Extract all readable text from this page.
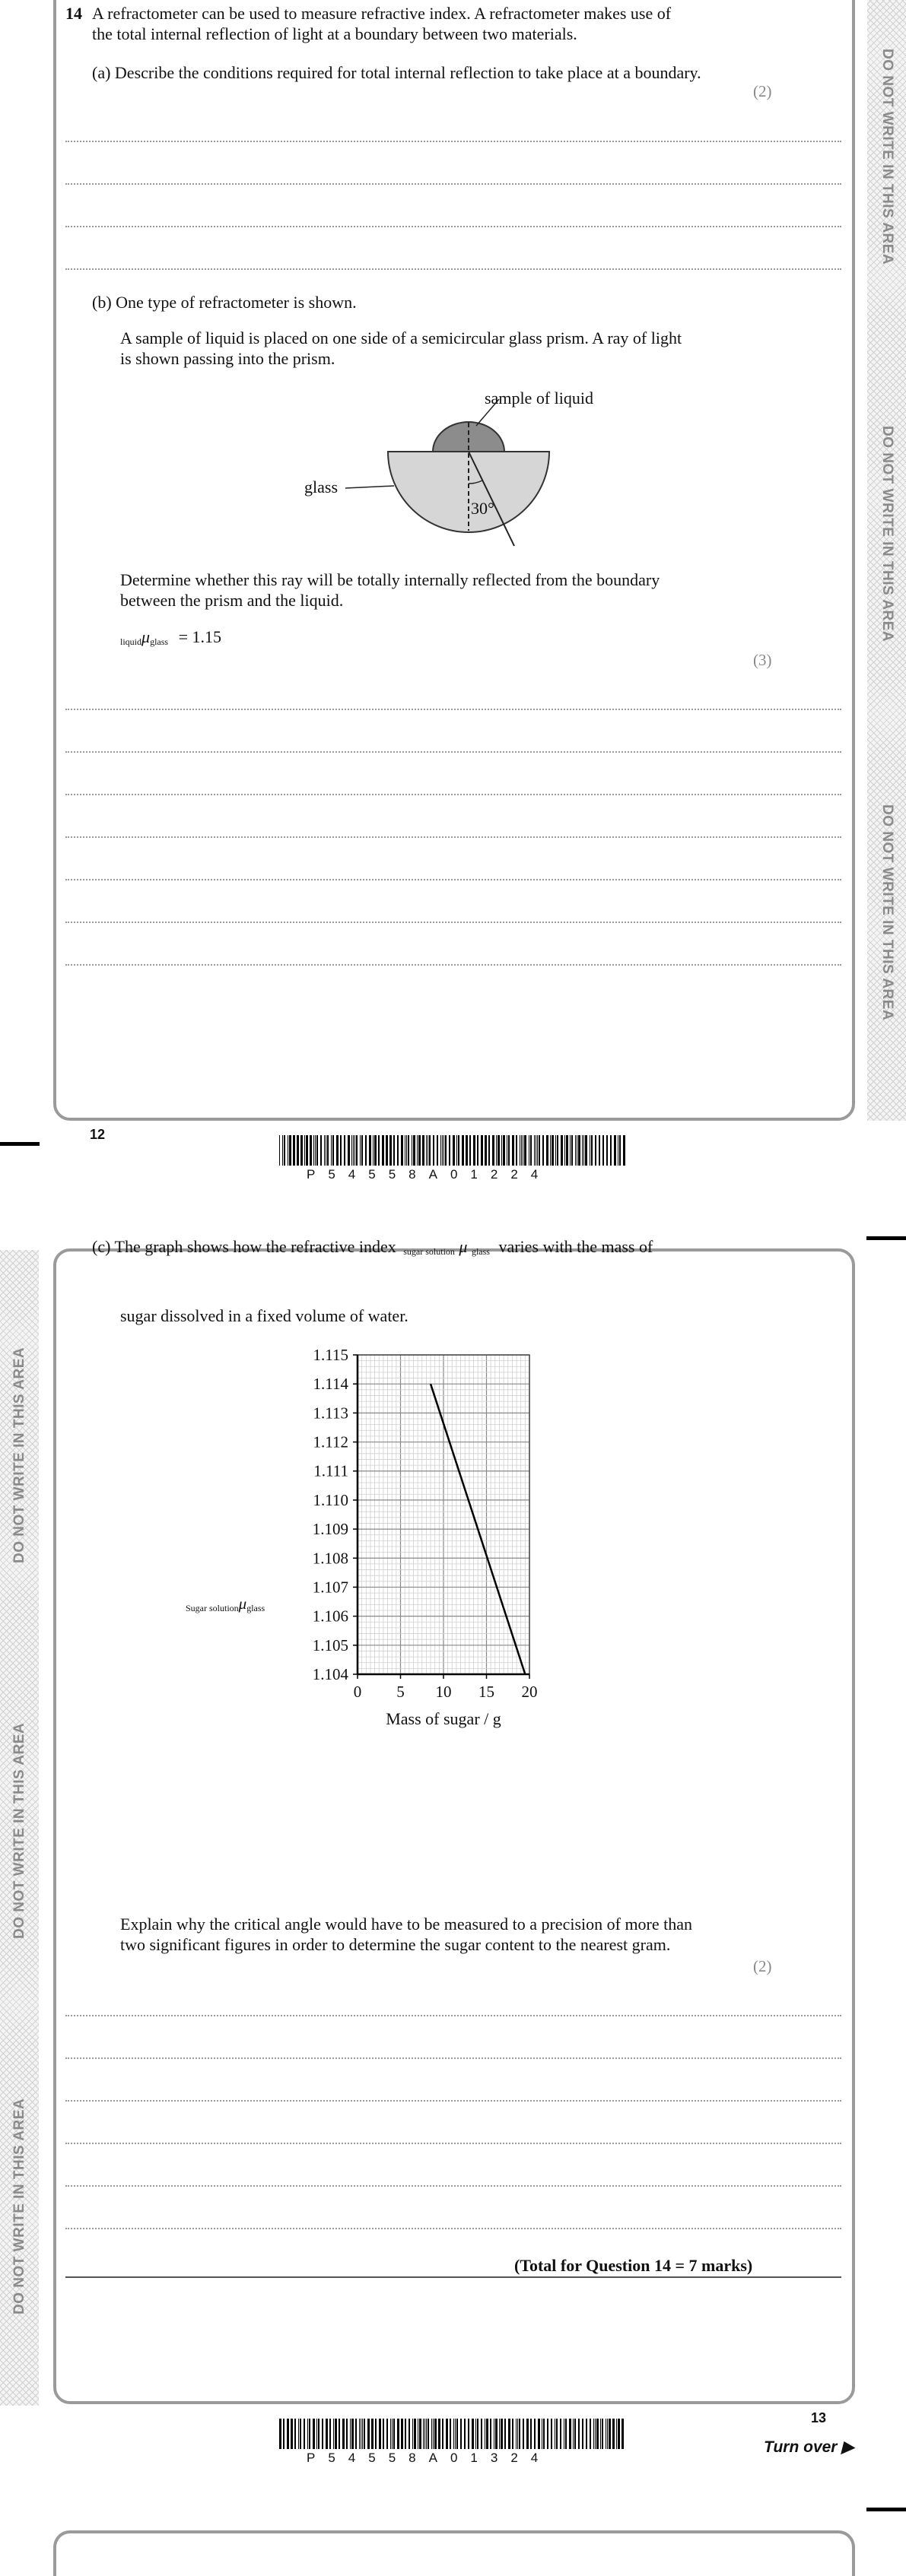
DO NOT WRITE IN THIS AREA
DO NOT WRITE IN THIS AREA
DO NOT WRITE IN THIS AREA
14 A refractometer can be used to measure refractive index. A refractometer makes use of
the total internal reflection of light at a boundary between two materials.
(a) Describe the conditions required for total internal reflection to take place at a boundary.
(2)
(b) One type of refractometer is shown.
A sample of liquid is placed on one side of a semicircular glass prism. A ray of light
is shown passing into the prism.
sample of liquid
glass
30°
Determine whether this ray will be totally internally reflected from the boundary
between the prism and the liquid.
$_{liquid}\mu_{glass} = 1.15$
(3)
12
P54558A01224
DO NOT WRITE IN THIS AREA
DO NOT WRITE IN THIS AREA
DO NOT WRITE IN THIS AREA
(c) The graph shows how the refractive index $_{sugar solution}$ μ $_{glass}$ varies with the mass of
sugar dissolved in a fixed volume of water.
1.104
1.105
1.106
1.107
1.108
1.109
1.110
1.111
1.112
1.113
1.114
1.115
0 5 10 15 20
Mass of sugar / g
$_{Sugar solution}\mu_{glass}$
Explain why the critical angle would have to be measured to a precision of more than
two significant figures in order to determine the sugar content to the nearest gram.
(2)
(Total for Question 14 = 7 marks)
13
Turn over ▶
P54558A01324
